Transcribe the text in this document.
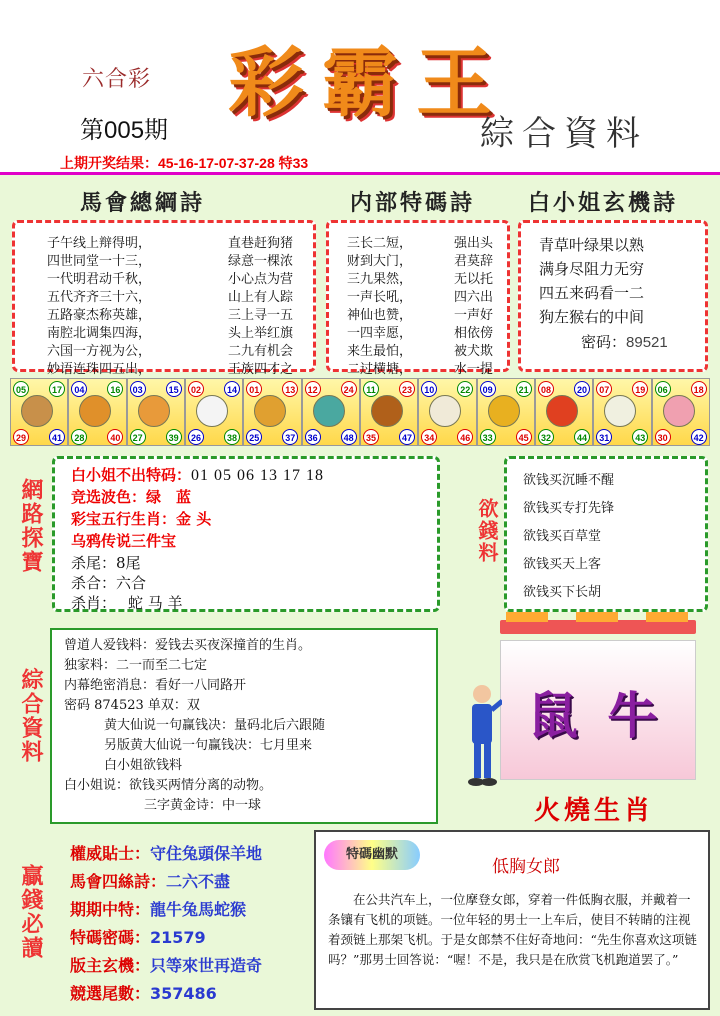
六合彩 彩霸王
第005期	綜合資料
上期开奖结果：45-16-17-07-37-28 特33
馬會總綱詩	内部特碼詩 白小姐玄機詩
子午线上辩得明，	直巷赶狗猪
四世同堂一十三，	绿意一棵浓
一代明君动千秋，	小心点为营
五代齐齐三十六，	山上有人踪
五路豪杰称英雄，	三上寻一五
南腔北调集四海，	头上举红旗
六国一方视为公，	二九有机会
妙语连珠四五出，	王族四才之
三长二短，	强出头
财到大门，	君莫辞
三九果然，	无以托
一声长吼，	四六出
神仙也赞，	一声好
一四幸愿，	相依傍
来生最怕，	被犬欺
二过横塘，	水一提
青草叶绿果以熟
满身尽阻力无穷
四五来码看一二
狗左猴右的中间
密码：89521
05	17
29	41
04	16
28	40
03	15
27	39
02	14
26	38
01	13
25	37
12	24
36	48
11	23
35	47
10	22
34	46
09	21
33	45
08	20
32	44
07	19
31	43
06	18
30	42
網路探寶
白小姐不出特码：01 05 06 13 17 18
竞选波色：绿　蓝
彩宝五行生肖：金 头
乌鸦传说三件宝
杀尾：8尾
杀合：六合
杀肖： 蛇 马 羊
欲錢料
欲钱买沉睡不醒
欲钱买专打先锋
欲钱买百草堂
欲钱买天上客
欲钱买下长胡
綜合資料
曾道人爱钱料：爱钱去买夜深撞首的生肖。
独家料：二一而至二七定
内幕绝密消息：看好一八同路开
密码 874523 单双：双
黄大仙说一句赢钱决：量码北后六跟随
另版黄大仙说一句赢钱决：七月里来
白小姐欲钱料
白小姐说：欲钱买两情分离的动物。
三字黄金诗：中一球
鼠 牛
火燒生肖
贏錢必讀
權威貼士：守住兔頭保羊地
馬會四絲詩：二六不盡
期期中特：龍牛兔馬蛇猴
特碼密碼：21579
版主玄機：只等來世再造奇
競選尾數：357486
特碼幽默
低胸女郎
在公共汽车上，一位摩登女郎，穿着一件低胸衣服，并戴着一条镶有飞机的项链。一位年轻的男士一上车后，使目不转睛的注视着颈链上那架飞机。于是女郎禁不住好奇地问：“先生你喜欢这项链吗？”那男士回答说：“喔！不是，我只是在欣赏飞机跑道罢了。”
